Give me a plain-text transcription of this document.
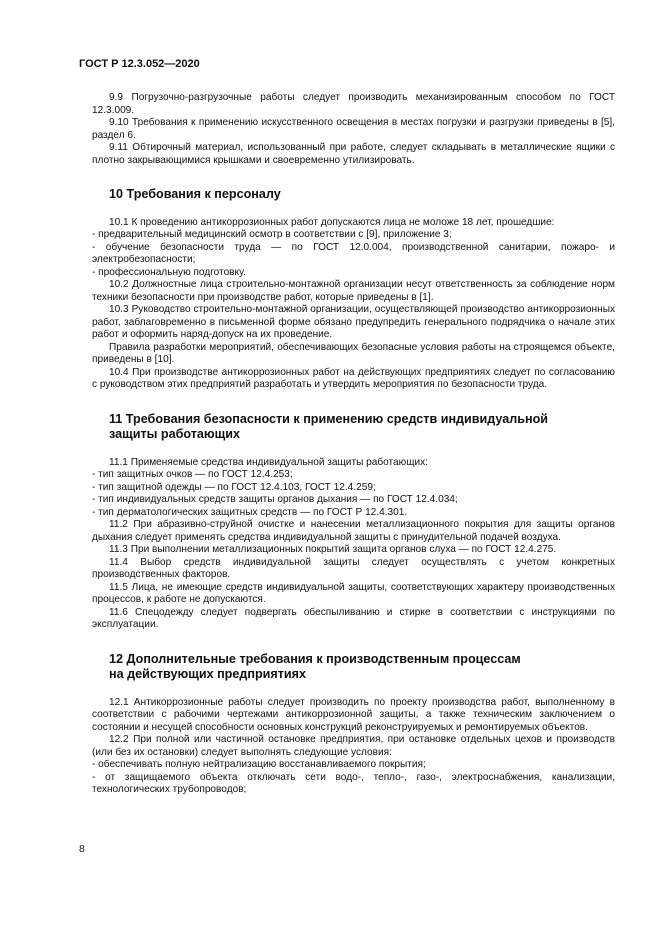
ГОСТ Р 12.3.052—2020

9.9 Погрузочно-разгрузочные работы следует производить механизированным способом по ГОСТ 12.3.009.

9.10 Требования к применению искусственного освещения в местах погрузки и разгрузки приведены в [5], раздел 6.

9.11 Обтирочный материал, использованный при работе, следует складывать в металлические ящики с плотно закрывающимися крышками и своевременно утилизировать.

10 Требования к персоналу

10.1 К проведению антикоррозионных работ допускаются лица не моложе 18 лет, прошедшие:

- предварительный медицинский осмотр в соответствии с [9], приложение 3;

- обучение безопасности труда — по ГОСТ 12.0.004, производственной санитарии, пожаро- и электробезопасности;

- профессиональную подготовку.

10.2 Должностные лица строительно-монтажной организации несут ответственность за соблюдение норм техники безопасности при производстве работ, которые приведены в [1].

10.3 Руководство строительно-монтажной организации, осуществляющей производство антикоррозионных работ, заблаговременно в письменной форме обязано предупредить генерального подрядчика о начале этих работ и оформить наряд-допуск на их проведение.

Правила разработки мероприятий, обеспечивающих безопасные условия работы на строящемся объекте, приведены в [10].

10.4 При производстве антикоррозионных работ на действующих предприятиях следует по согласованию с руководством этих предприятий разработать и утвердить мероприятия по безопасности труда.

11 Требования безопасности к применению средств индивидуальной
защиты работающих

11.1 Применяемые средства индивидуальной защиты работающих:

- тип защитных очков — по ГОСТ 12.4.253;

- тип защитной одежды — по ГОСТ 12.4.103, ГОСТ 12.4.259;

- тип индивидуальных средств защиты органов дыхания — по ГОСТ 12.4.034;

- тип дерматологических защитных средств — по ГОСТ Р 12.4.301.

11.2 При абразивно-струйной очистке и нанесении металлизационного покрытия для защиты органов дыхания следует применять средства индивидуальной защиты с принудительной подачей воздуха.

11.3 При выполнении металлизационных покрытий защита органов слуха — по ГОСТ 12.4.275.

11.4 Выбор средств индивидуальной защиты следует осуществлять с учетом конкретных производственных факторов.

11.5 Лица, не имеющие средств индивидуальной защиты, соответствующих характеру производственных процессов, к работе не допускаются.

11.6 Спецодежду следует подвергать обеспыливанию и стирке в соответствии с инструкциями по эксплуатации.

12 Дополнительные требования к производственным процессам
на действующих предприятиях

12.1 Антикоррозионные работы следует производить по проекту производства работ, выполненному в соответствии с рабочими чертежами антикоррозионной защиты, а также техническим заключением о состоянии и несущей способности основных конструкций реконструируемых и ремонтируемых объектов.

12.2 При полной или частичной остановке предприятия, при остановке отдельных цехов и производств (или без их остановки) следует выполнять следующие условия:

- обеспечивать полную нейтрализацию восстанавливаемого покрытия;

- от защищаемого объекта отключать сети водо-, тепло-, газо-, электроснабжения, канализации, технологических трубопроводов;

8
